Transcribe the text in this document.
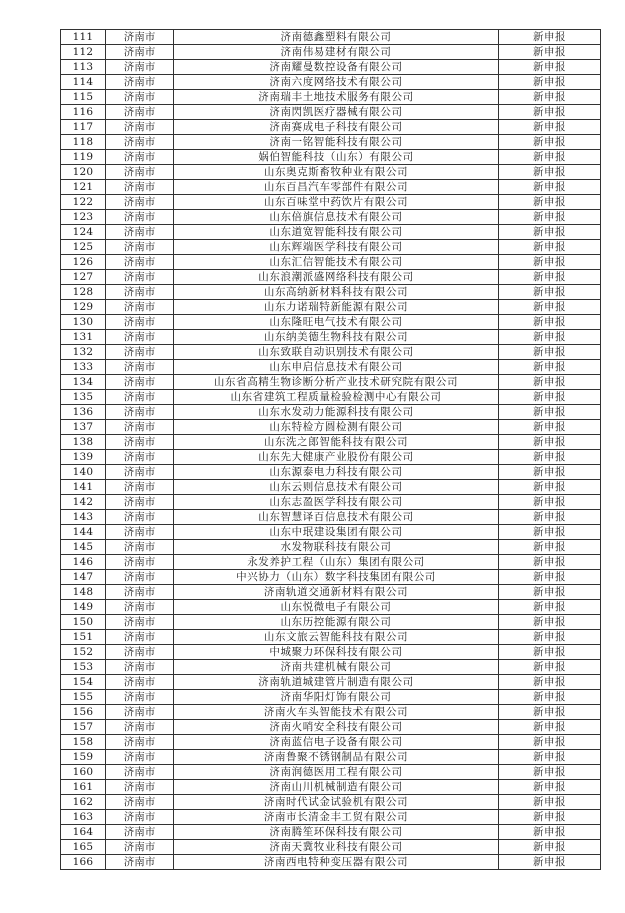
111	济南市	济南德鑫塑料有限公司	新申报
112	济南市	济南伟易建材有限公司	新申报
113	济南市	济南耀曼数控设备有限公司	新申报
114	济南市	济南六度网络技术有限公司	新申报
115	济南市	济南瑞丰土地技术服务有限公司	新申报
116	济南市	济南閃凯医疗器械有限公司	新申报
117	济南市	济南赛成电子科技有限公司	新申报
118	济南市	济南一铭智能科技有限公司	新申报
119	济南市	娲伯智能科技（山东）有限公司	新申报
120	济南市	山东奥克斯畜牧种业有限公司	新申报
121	济南市	山东百昌汽车零部件有限公司	新申报
122	济南市	山东百味堂中药饮片有限公司	新申报
123	济南市	山东倍旗信息技术有限公司	新申报
124	济南市	山东道宽智能科技有限公司	新申报
125	济南市	山东辉端医学科技有限公司	新申报
126	济南市	山东汇信智能技术有限公司	新申报
127	济南市	山东浪潮派盛网络科技有限公司	新申报
128	济南市	山东高纳新材料科技有限公司	新申报
129	济南市	山东力诺瑞特新能源有限公司	新申报
130	济南市	山东隆旺电气技术有限公司	新申报
131	济南市	山东纳美德生物科技有限公司	新申报
132	济南市	山东致联自动识别技术有限公司	新申报
133	济南市	山东申启信息技术有限公司	新申报
134	济南市	山东省高精生物诊断分析产业技术研究院有限公司	新申报
135	济南市	山东省建筑工程质量检验检测中心有限公司	新申报
136	济南市	山东水发动力能源科技有限公司	新申报
137	济南市	山东特检方圆检测有限公司	新申报
138	济南市	山东洗之郎智能科技有限公司	新申报
139	济南市	山东先大健康产业股份有限公司	新申报
140	济南市	山东源泰电力科技有限公司	新申报
141	济南市	山东云则信息技术有限公司	新申报
142	济南市	山东志盈医学科技有限公司	新申报
143	济南市	山东智慧译百信息技术有限公司	新申报
144	济南市	山东中珉建设集团有限公司	新申报
145	济南市	水发物联科技有限公司	新申报
146	济南市	永发养护工程（山东）集团有限公司	新申报
147	济南市	中兴协力（山东）数字科技集团有限公司	新申报
148	济南市	济南轨道交通新材料有限公司	新申报
149	济南市	山东悦微电子有限公司	新申报
150	济南市	山东历控能源有限公司	新申报
151	济南市	山东文旅云智能科技有限公司	新申报
152	济南市	中城聚力环保科技有限公司	新申报
153	济南市	济南共建机械有限公司	新申报
154	济南市	济南轨道城建管片制造有限公司	新申报
155	济南市	济南华阳灯饰有限公司	新申报
156	济南市	济南火车头智能技术有限公司	新申报
157	济南市	济南火哨安全科技有限公司	新申报
158	济南市	济南蓝信电子设备有限公司	新申报
159	济南市	济南鲁聚不锈钢制品有限公司	新申报
160	济南市	济南润德医用工程有限公司	新申报
161	济南市	济南山川机械制造有限公司	新申报
162	济南市	济南时代试金试验机有限公司	新申报
163	济南市	济南市长清金丰工贸有限公司	新申报
164	济南市	济南腾笙环保科技有限公司	新申报
165	济南市	济南天冀牧业科技有限公司	新申报
166	济南市	济南西电特种变压器有限公司	新申报
